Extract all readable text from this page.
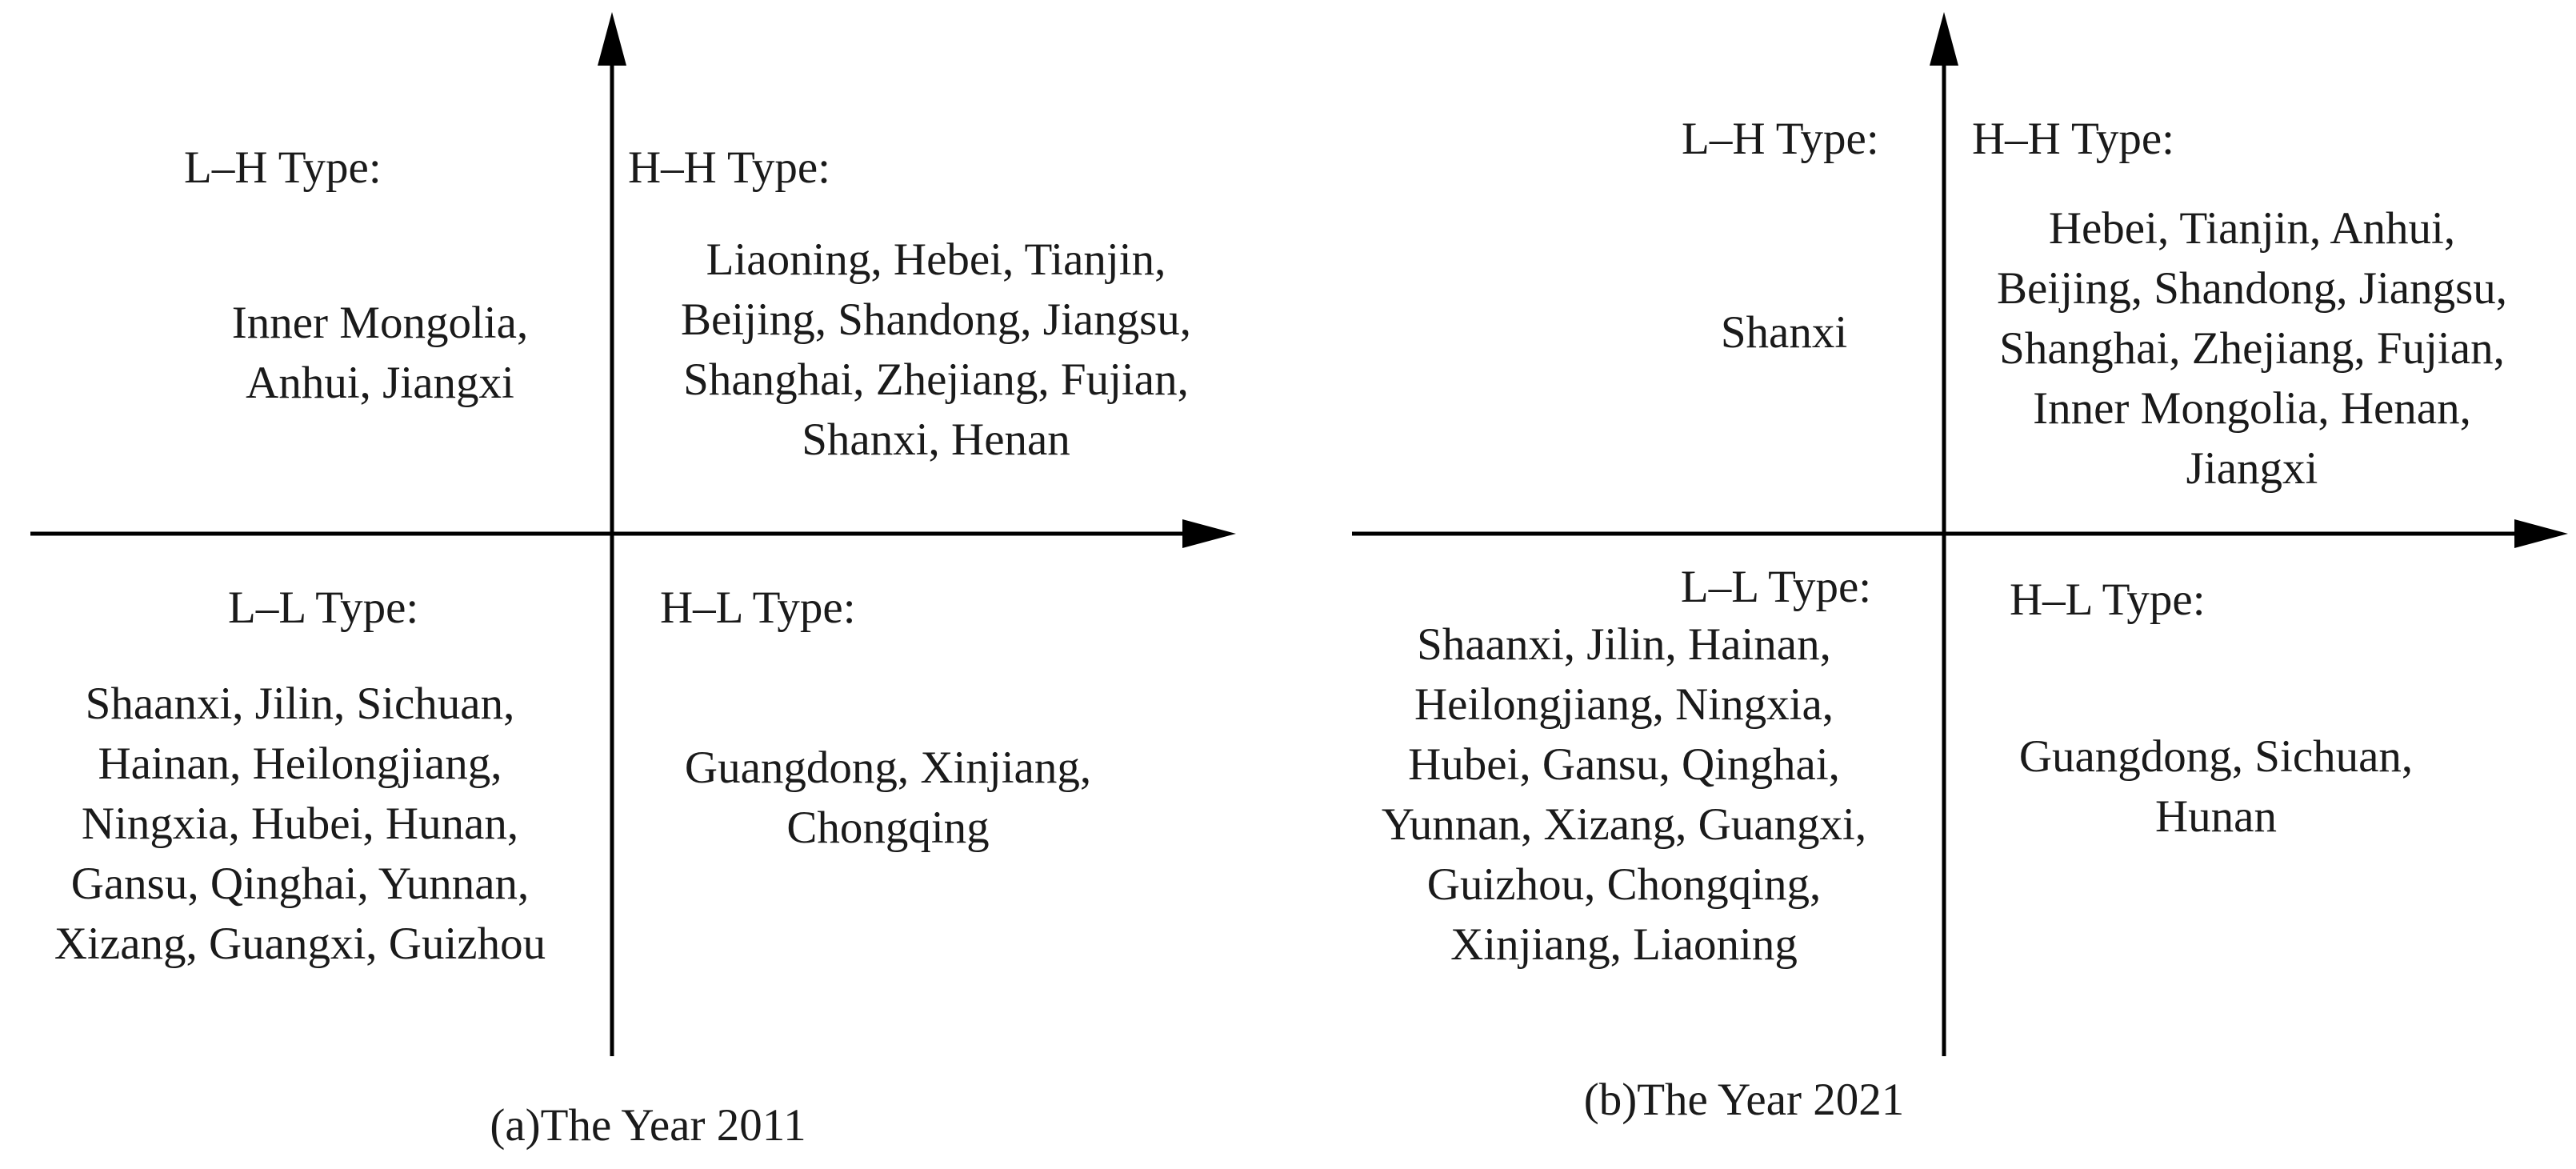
L–H Type:
Inner Mongolia,
Anhui, Jiangxi
H–H Type:
Liaoning, Hebei, Tianjin,
Beijing, Shandong, Jiangsu,
Shanghai, Zhejiang, Fujian,
Shanxi, Henan
L–L Type:
Shaanxi, Jilin, Sichuan,
Hainan, Heilongjiang,
Ningxia, Hubei, Hunan,
Gansu, Qinghai, Yunnan,
Xizang, Guangxi, Guizhou
H–L Type:
Guangdong, Xinjiang,
Chongqing
(a)The Year 2011
L–H Type:
Shanxi
H–H Type:
Hebei, Tianjin, Anhui,
Beijing, Shandong, Jiangsu,
Shanghai, Zhejiang, Fujian,
Inner Mongolia, Henan,
Jiangxi
L–L Type:
Shaanxi, Jilin, Hainan,
Heilongjiang, Ningxia,
Hubei, Gansu, Qinghai,
Yunnan, Xizang, Guangxi,
Guizhou, Chongqing,
Xinjiang, Liaoning
H–L Type:
Guangdong, Sichuan,
Hunan
(b)The Year 2021
